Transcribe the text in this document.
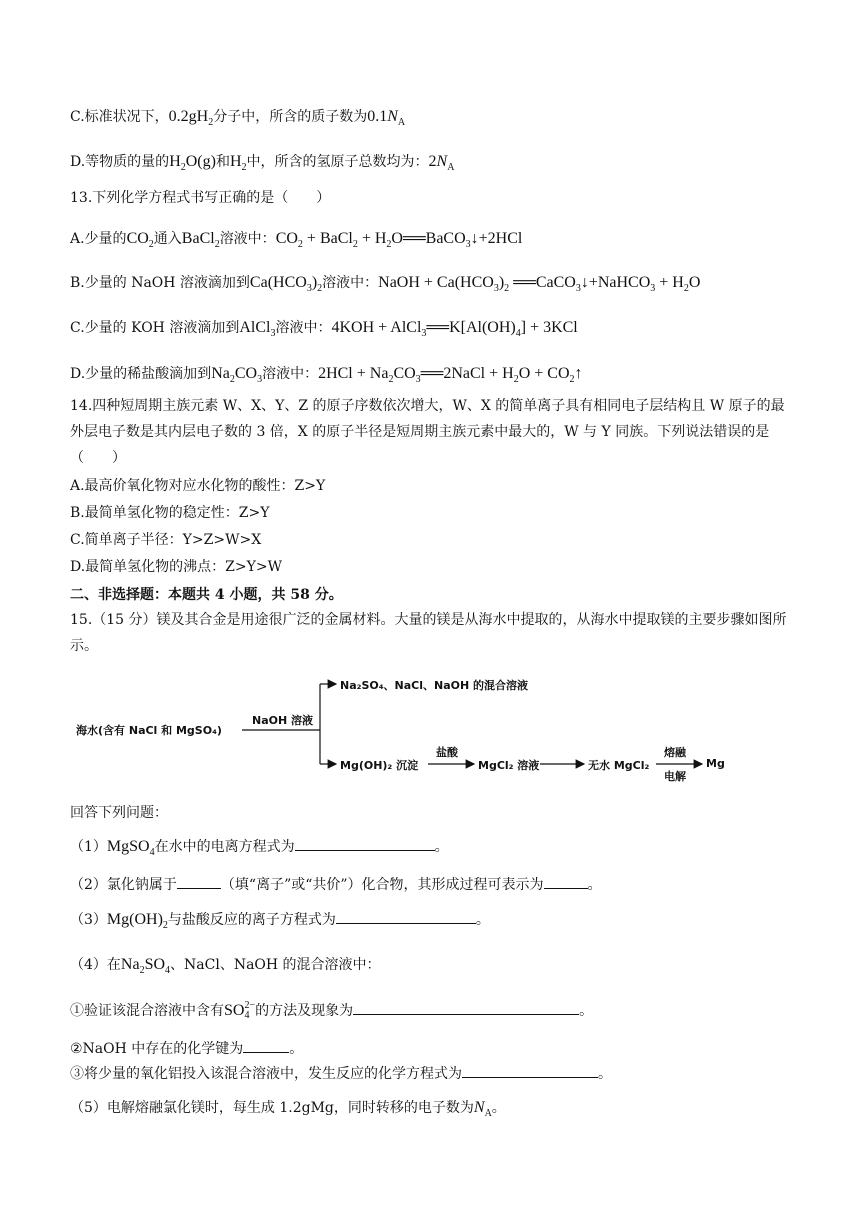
C.标准状况下，$0.2gH_2$分子中，所含的质子数为$0.1N_A$
D.等物质的量的$H_2O(g)$和$H_2$中，所含的氢原子总数均为：$2N_A$
13.下列化学方程式书写正确的是（　　）
A.少量的$CO_2$通入BaCl$_2$溶液中：$CO_2$ + BaCl$_2$ + $H_2O══BaCO_3↓+2HCl$
B.少量的 NaOH 溶液滴加到$Ca(HCO_3)_2$溶液中：NaOH + $Ca(HCO_3)_2$ ══CaCO$_3$↓+NaHCO$_3$ + $H_2O$
C.少量的 KOH 溶液滴加到AlCl$_3$溶液中：$4KOH + AlCl_3══K[Al(OH)_4] + 3KCl$
D.少量的稀盐酸滴加到$Na_2CO_3$溶液中：$2HCl + Na_2CO_3══2NaCl + H_2O$ + $CO_2↑$
14.四种短周期主族元素 W、X、Y、Z 的原子序数依次增大，W、X 的简单离子具有相同电子层结构且 W 原子的最外层电子数是其内层电子数的 3 倍，X 的原子半径是短周期主族元素中最大的，W 与 Y 同族。下列说法错误的是（　　）
A.最高价氧化物对应水化物的酸性：Z>Y
B.最简单氢化物的稳定性：Z>Y
C.简单离子半径：Y>Z>W>X
D.最简单氢化物的沸点：Z>Y>W
二、非选择题：本题共 4 小题，共 58 分。
15.（15 分）镁及其合金是用途很广泛的金属材料。大量的镁是从海水中提取的，从海水中提取镁的主要步骤如图所示。
海水(含有 NaCl 和 MgSO₄)
NaOH 溶液
Na₂SO₄、NaCl、NaOH 的混合溶液
Mg(OH)₂ 沉淀
盐酸
MgCl₂ 溶液	无水 MgCl₂
熔融
电解
Mg
回答下列问题：
（1）MgSO$_4$在水中的电离方程式为	。
（2）氯化钠属于	（填“离子”或“共价”）化合物，其形成过程可表示为	。
$(3)Mg(OH)_2$与盐酸反应的离子方程式为	。
（4）在$Na_2SO_4$、NaCl、NaOH 的混合溶液中：
①验证该混合溶液中含有SO 2−
4 的方法及现象为	。
②NaOH 中存在的化学键为	。
③将少量的氧化铝投入该混合溶液中，发生反应的化学方程式为	。
（5）电解熔融氯化镁时，每生成 1.2gMg，同时转移的电子数为$N_A$。
